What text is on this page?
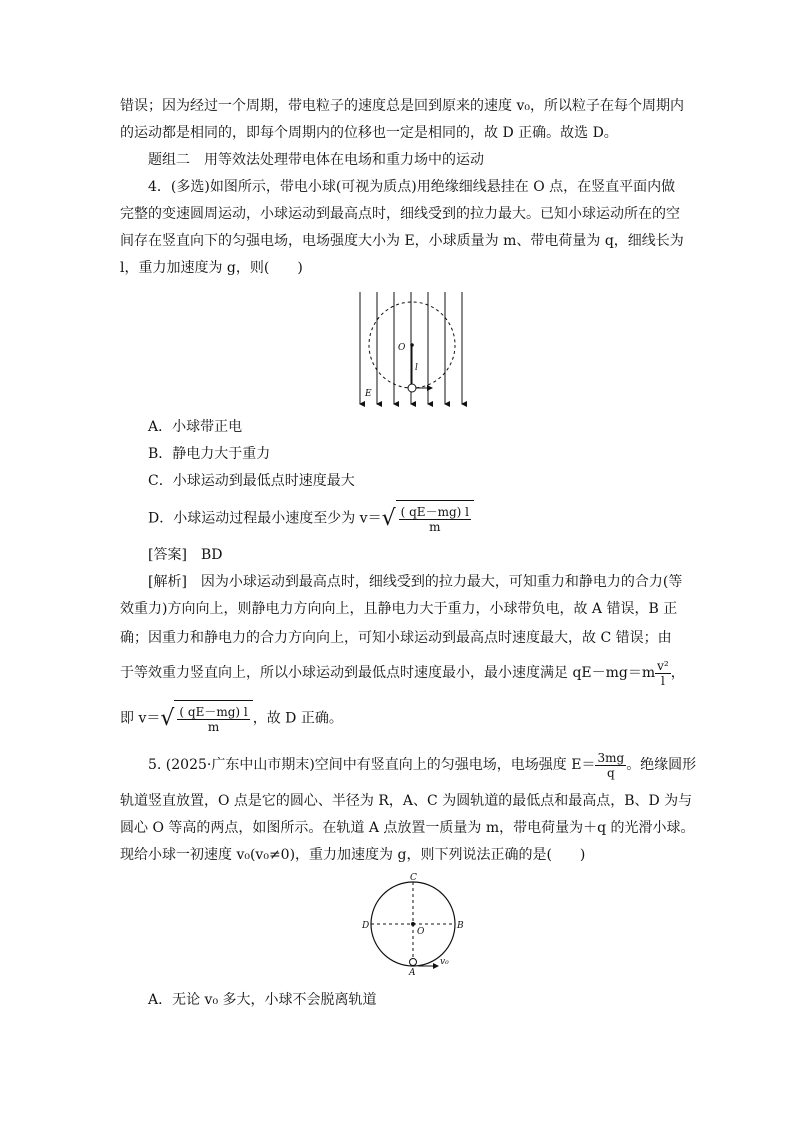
错误；因为经过一个周期，带电粒子的速度总是回到原来的速度 v₀，所以粒子在每个周期内
的运动都是相同的，即每个周期内的位移也一定是相同的，故 D 正确。故选 D。
题组二　用等效法处理带电体在电场和重力场中的运动
4．(多选)如图所示，带电小球(可视为质点)用绝缘细线悬挂在 O 点，在竖直平面内做
完整的变速圆周运动，小球运动到最高点时，细线受到的拉力最大。已知小球运动所在的空
间存在竖直向下的匀强电场，电场强度大小为 E，小球质量为 m、带电荷量为 q，细线长为
l，重力加速度为 g，则(　　)
O
l
E
A．小球带正电
B．静电力大于重力
C．小球运动到最低点时速度最大
D．小球运动过程最小速度至少为 v＝ √ $\frac{( qE-mg) l}{m}$
[答案]　 BD
[解析]　因为小球运动到最高点时，细线受到的拉力最大，可知重力和静电力的合力(等
效重力)方向向上，则静电力方向向上，且静电力大于重力，小球带负电，故 A 错误，B 正
确；因重力和静电力的合力方向向上，可知小球运动到最高点时速度最大，故 C 错误；由
于等效重力竖直向上，所以小球运动到最低点时速度最小，最小速度满足 $qE-mg=m \frac{\text{v²}}{l}$ ，
即 v＝ √ $\frac{( qE-mg) l}{m}$ ，故 D 正确。
5. (2025·广东中山市期末)空间中有竖直向上的匀强电场，电场强度 $E= \frac{3mg}{q}$ 。绝缘圆形
轨道竖直放置，O 点是它的圆心、半径为 R，A、C 为圆轨道的最低点和最高点，B、D 为与
圆心 O 等高的两点，如图所示。在轨道 A 点放置一质量为 m，带电荷量为＋q 的光滑小球。
现给小球一初速度 v₀(v₀≠0)，重力加速度为 g，则下列说法正确的是(　　)
C
D
O
B
A
v₀
A．无论 v₀ 多大，小球不会脱离轨道
